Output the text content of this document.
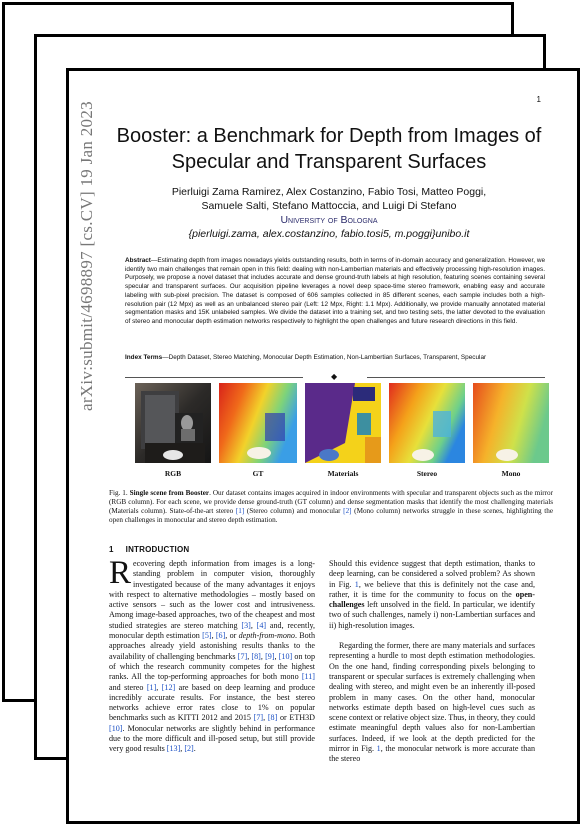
1
arXiv:submit/4698897 [cs.CV] 19 Jan 2023	Booster: a Benchmark for Depth from Images of Specular and Transparent Surfaces
Pierluigi Zama Ramirez, Alex Costanzino, Fabio Tosi, Matteo Poggi,
Samuele Salti, Stefano Mattoccia, and Luigi Di Stefano
University of Bologna
{pierluigi.zama, alex.costanzino, fabio.tosi5, m.poggi}unibo.it
Abstract—Estimating depth from images nowadays yields outstanding results, both in terms of in-domain accuracy and generalization. However, we identify two main challenges that remain open in this field: dealing with non-Lambertian materials and effectively processing high-resolution images. Purposely, we propose a novel dataset that includes accurate and dense ground-truth labels at high resolution, featuring scenes containing several specular and transparent surfaces. Our acquisition pipeline leverages a novel deep space-time stereo framework, enabling easy and accurate labeling with sub-pixel precision. The dataset is composed of 606 samples collected in 85 different scenes, each sample includes both a high-resolution pair (12 Mpx) as well as an unbalanced stereo pair (Left: 12 Mpx, Right: 1.1 Mpx). Additionally, we provide manually annotated material segmentation masks and 15K unlabeled samples. We divide the dataset into a training set, and two testing sets, the latter devoted to the evaluation of stereo and monocular depth estimation networks respectively to highlight the open challenges and future research directions in this field.
Index Terms—Depth Dataset, Stereo Matching, Monocular Depth Estimation, Non-Lambertian Surfaces, Transparent, Specular
◆
RGB	GT	Materials	Stereo	Mono
Fig. 1. Single scene from Booster. Our dataset contains images acquired in indoor environments with specular and transparent objects such as the mirror (RGB column). For each scene, we provide dense ground-truth (GT column) and dense segmentation masks that identify the most challenging materials (Materials column). State-of-the-art stereo [1] (Stereo column) and monocular [2] (Mono column) networks struggle in these scenes, highlighting the open challenges in monocular and stereo depth estimation.
1 INTRODUCTION

Recovering depth information from images is a long-standing problem in computer vision, thoroughly investigated because of the many advantages it enjoys with respect to alternative methodologies – mostly based on active sensors – such as the lower cost and intrusiveness. Among image-based approaches, two of the cheapest and most studied strategies are stereo matching [3], [4] and, recently, monocular depth estimation [5], [6], or depth-from-mono. Both approaches already yield astonishing results thanks to the availability of challenging benchmarks [7], [8], [9], [10] on top of which the research community competes for the highest ranks. All the top-performing approaches for both mono [11] and stereo [1], [12] are based on deep learning and produce incredibly accurate results. For instance, the best stereo networks achieve error rates close to 1% on popular benchmarks such as KITTI 2012 and 2015 [7], [8] or ETH3D [10]. Monocular networks are slightly behind in performance due to the more difficult and ill-posed setup, but still provide very good results [13], [2].

Should this evidence suggest that depth estimation, thanks to deep learning, can be considered a solved problem? As shown in Fig. 1, we believe that this is definitely not the case and, rather, it is time for the community to focus on the open-challenges left unsolved in the field. In particular, we identify two of such challenges, namely i) non-Lambertian surfaces and ii) high-resolution images.

Regarding the former, there are many materials and surfaces representing a hurdle to most depth estimation methodologies. On the one hand, finding corresponding pixels belonging to transparent or specular surfaces is extremely challenging when dealing with stereo, and might even be an inherently ill-posed problem in many cases. On the other hand, monocular networks estimate depth based on high-level cues such as scene context or relative object size. Thus, in theory, they could estimate meaningful depth values also for non-Lambertian surfaces. Indeed, if we look at the depth predicted for the mirror in Fig. 1, the monocular network is more accurate than the stereo
